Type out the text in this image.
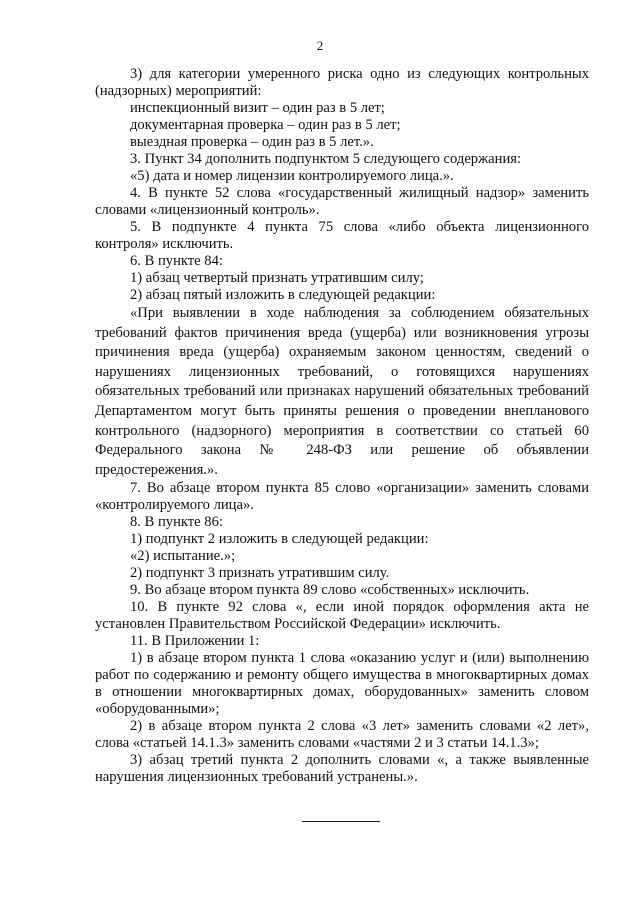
2

3) для категории умеренного риска одно из следующих контрольных (надзорных) мероприятий:

инспекционный визит – один раз в 5 лет;

документарная проверка – один раз в 5 лет;

выездная проверка – один раз в 5 лет.».

3. Пункт 34 дополнить подпунктом 5 следующего содержания:

«5) дата и номер лицензии контролируемого лица.».

4. В пункте 52 слова «государственный жилищный надзор» заменить словами «лицензионный контроль».

5. В подпункте 4 пункта 75 слова «либо объекта лицензионного контроля» исключить.

6. В пункте 84:

1) абзац четвертый признать утратившим силу;

2) абзац пятый изложить в следующей редакции:

«При выявлении в ходе наблюдения за соблюдением обязательных требований фактов причинения вреда (ущерба) или возникновения угрозы причинения вреда (ущерба) охраняемым законом ценностям, сведений о нарушениях лицензионных требований, о готовящихся нарушениях обязательных требований или признаках нарушений обязательных требований Департаментом могут быть приняты решения о проведении внепланового контрольного (надзорного) мероприятия в соответствии со статьей 60 Федерального закона № 248-ФЗ или решение об объявлении предостережения.».

7. Во абзаце втором пункта 85 слово «организации» заменить словами «контролируемого лица».

8. В пункте 86:

1) подпункт 2 изложить в следующей редакции:

«2) испытание.»;

2) подпункт 3 признать утратившим силу.

9. Во абзаце втором пункта 89 слово «собственных» исключить.

10. В пункте 92 слова «, если иной порядок оформления акта не установлен Правительством Российской Федерации» исключить.

11. В Приложении 1:

1) в абзаце втором пункта 1 слова «оказанию услуг и (или) выполнению работ по содержанию и ремонту общего имущества в многоквартирных домах в отношении многоквартирных домах, оборудованных» заменить словом «оборудованными»;

2) в абзаце втором пункта 2 слова «3 лет» заменить словами «2 лет», слова «статьей 14.1.3» заменить словами «частями 2 и 3 статьи 14.1.3»;

3) абзац третий пункта 2 дополнить словами «, а также выявленные нарушения лицензионных требований устранены.».
